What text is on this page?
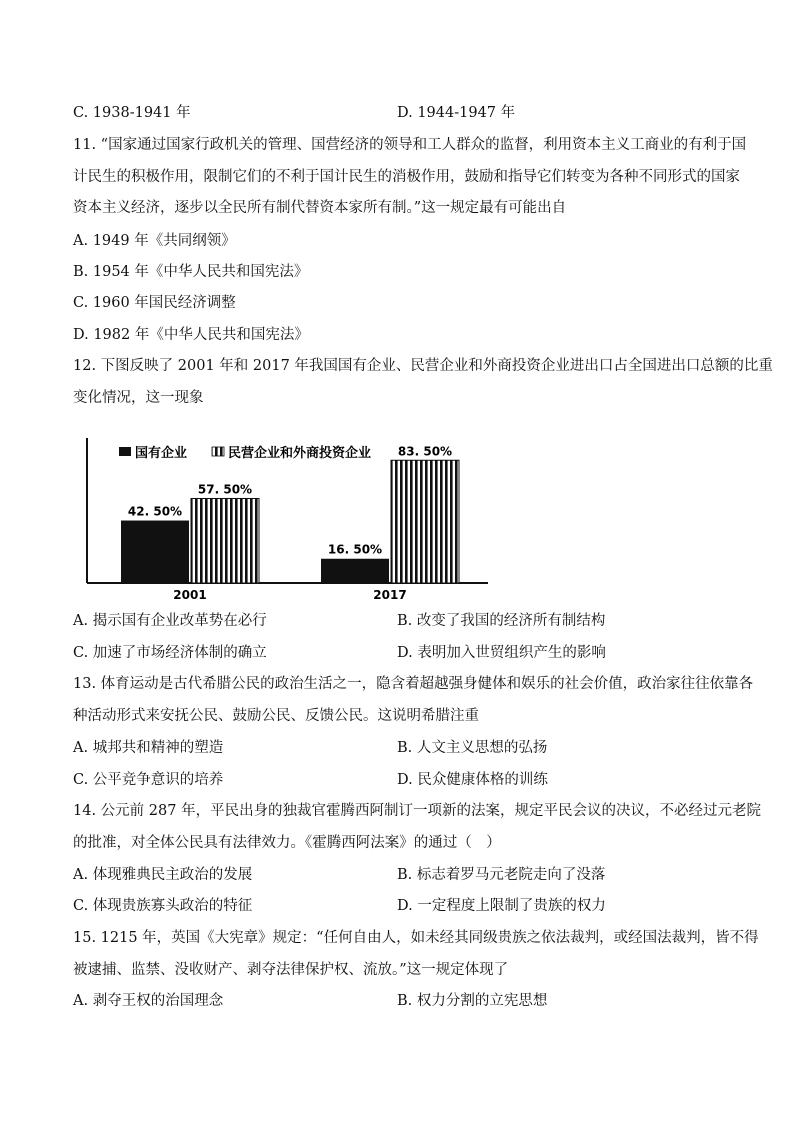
C. 1938-1941 年	D. 1944-1947 年
11. “国家通过国家行政机关的管理、国营经济的领导和工人群众的监督，利用资本主义工商业的有利于国
计民生的积极作用，限制它们的不利于国计民生的消极作用，鼓励和指导它们转变为各种不同形式的国家
资本主义经济，逐步以全民所有制代替资本家所有制。”这一规定最有可能出自
A. 1949 年《共同纲领》
B. 1954 年《中华人民共和国宪法》
C. 1960 年国民经济调整
D. 1982 年《中华人民共和国宪法》
12. 下图反映了 2001 年和 2017 年我国国有企业、民营企业和外商投资企业进出口占全国进出口总额的比重
变化情况，这一现象
国有企业	民营企业和外商投资企业
42. 50%
57. 50%
2001
16. 50%
83. 50%
2017
A. 揭示国有企业改革势在必行	B. 改变了我国的经济所有制结构
C. 加速了市场经济体制的确立	D. 表明加入世贸组织产生的影响
13. 体育运动是古代希腊公民的政治生活之一，隐含着超越强身健体和娱乐的社会价值，政治家往往依靠各
种活动形式来安抚公民、鼓励公民、反馈公民。这说明希腊注重
A. 城邦共和精神的塑造	B. 人文主义思想的弘扬
C. 公平竞争意识的培养	D. 民众健康体格的训练
14. 公元前 287 年，平民出身的独裁官霍腾西阿制订一项新的法案，规定平民会议的决议，不必经过元老院
的批准，对全体公民具有法律效力。《霍腾西阿法案》的通过（　）
A. 体现雅典民主政治的发展	B. 标志着罗马元老院走向了没落
C. 体现贵族寡头政治的特征	D. 一定程度上限制了贵族的权力
15. 1215 年，英国《大宪章》规定：“任何自由人，如未经其同级贵族之依法裁判，或经国法裁判，皆不得
被逮捕、监禁、没收财产、剥夺法律保护权、流放。”这一规定体现了
A. 剥夺王权的治国理念	B. 权力分割的立宪思想
